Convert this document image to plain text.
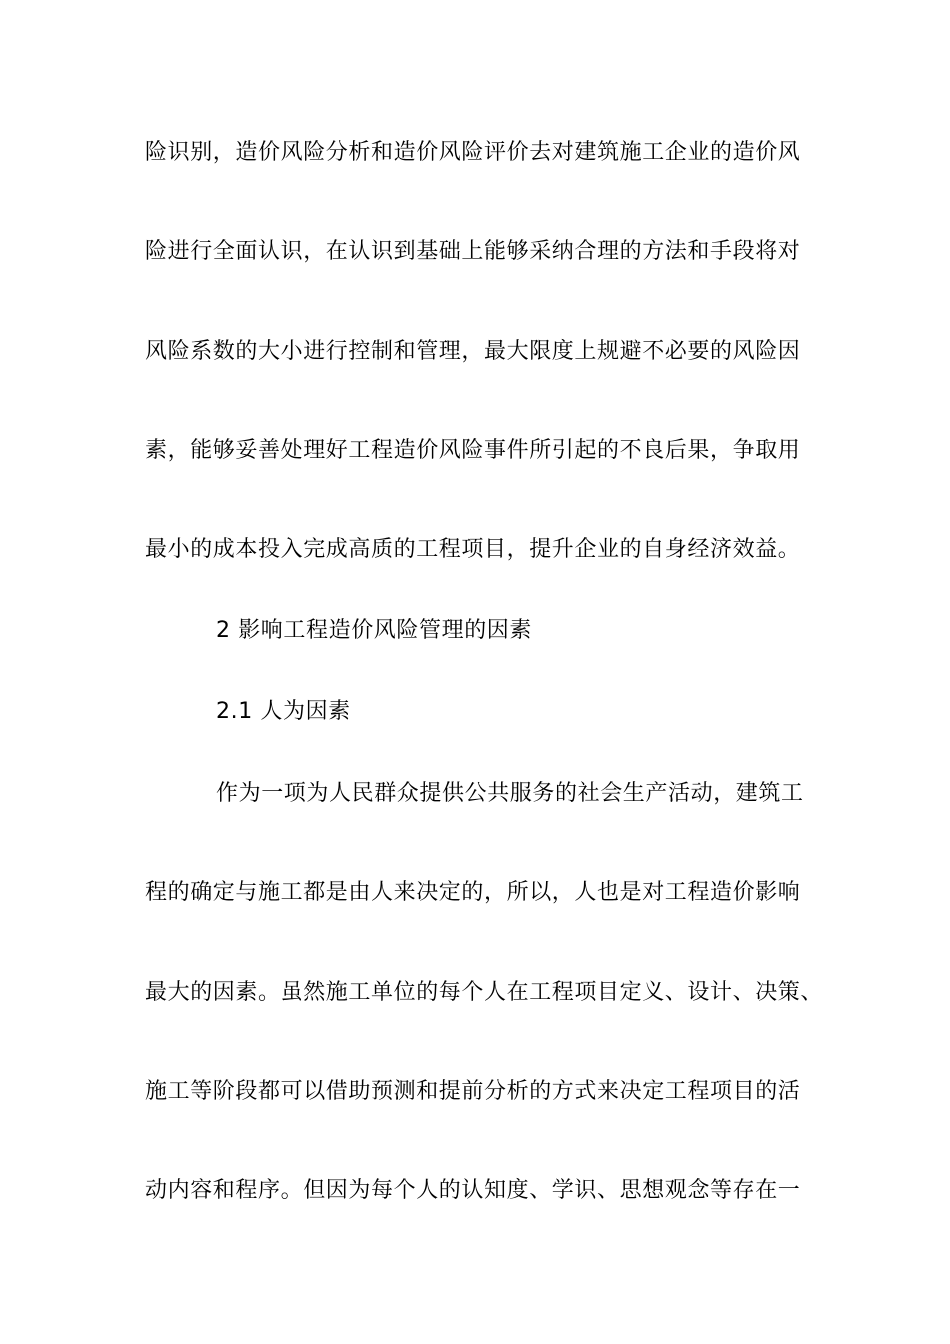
险识别，造价风险分析和造价风险评价去对建筑施工企业的造价风
险进行全面认识，在认识到基础上能够采纳合理的方法和手段将对
风险系数的大小进行控制和管理，最大限度上规避不必要的风险因
素，能够妥善处理好工程造价风险事件所引起的不良后果，争取用
最小的成本投入完成高质的工程项目，提升企业的自身经济效益。
2 影响工程造价风险管理的因素
2.1 人为因素
作为一项为人民群众提供公共服务的社会生产活动，建筑工
程的确定与施工都是由人来决定的，所以，人也是对工程造价影响
最大的因素。虽然施工单位的每个人在工程项目定义、设计、决策、
施工等阶段都可以借助预测和提前分析的方式来决定工程项目的活
动内容和程序。但因为每个人的认知度、学识、思想观念等存在一
